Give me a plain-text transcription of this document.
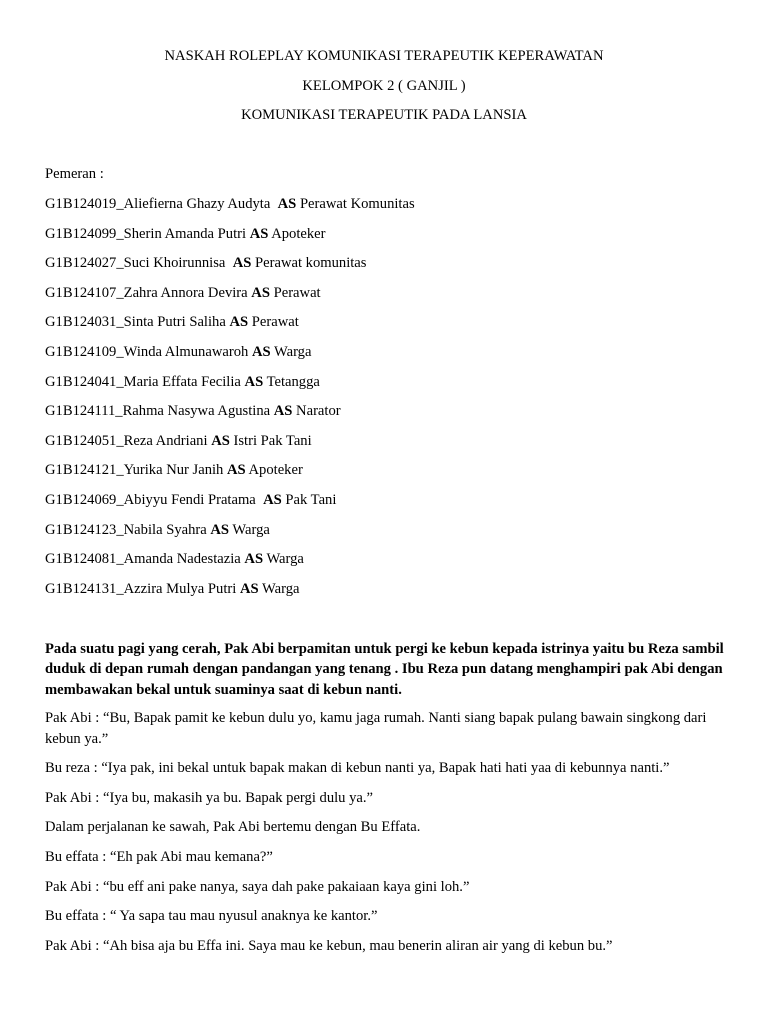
NASKAH ROLEPLAY KOMUNIKASI TERAPEUTIK KEPERAWATAN
KELOMPOK 2 ( GANJIL )
KOMUNIKASI TERAPEUTIK PADA LANSIA
Pemeran :
G1B124019_Aliefierna Ghazy Audyta  AS Perawat Komunitas
G1B124099_Sherin Amanda Putri AS Apoteker
G1B124027_Suci Khoirunnisa  AS Perawat komunitas
G1B124107_Zahra Annora Devira AS Perawat
G1B124031_Sinta Putri Saliha AS Perawat
G1B124109_Winda Almunawaroh AS Warga
G1B124041_Maria Effata Fecilia AS Tetangga
G1B124111_Rahma Nasywa Agustina AS Narator
G1B124051_Reza Andriani AS Istri Pak Tani
G1B124121_Yurika Nur Janih AS Apoteker
G1B124069_Abiyyu Fendi Pratama  AS Pak Tani
G1B124123_Nabila Syahra AS Warga
G1B124081_Amanda Nadestazia AS Warga
G1B124131_Azzira Mulya Putri AS Warga

Pada suatu pagi yang cerah, Pak Abi berpamitan untuk pergi ke kebun kepada istrinya yaitu bu Reza sambil duduk di depan rumah dengan pandangan yang tenang . Ibu Reza pun datang menghampiri pak Abi dengan membawakan bekal untuk suaminya saat di kebun nanti.

Pak Abi : “Bu, Bapak pamit ke kebun dulu yo, kamu jaga rumah. Nanti siang bapak pulang bawain singkong dari kebun ya.”

Bu reza : “Iya pak, ini bekal untuk bapak makan di kebun nanti ya, Bapak hati hati yaa di kebunnya nanti.”

Pak Abi : “Iya bu, makasih ya bu. Bapak pergi dulu ya.”

Dalam perjalanan ke sawah, Pak Abi bertemu dengan Bu Effata.

Bu effata : “Eh pak Abi mau kemana?”

Pak Abi : “bu eff ani pake nanya, saya dah pake pakaiaan kaya gini loh.”

Bu effata : “ Ya sapa tau mau nyusul anaknya ke kantor.”

Pak Abi : “Ah bisa aja bu Effa ini. Saya mau ke kebun, mau benerin aliran air yang di kebun bu.”
